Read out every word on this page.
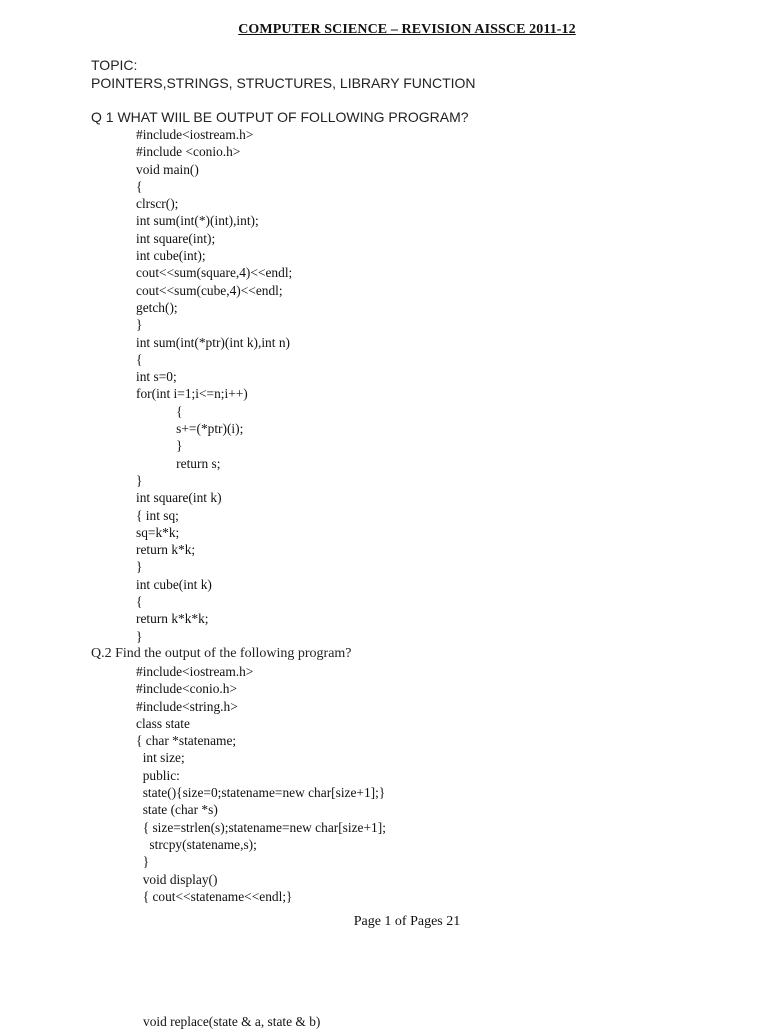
COMPUTER SCIENCE – REVISION AISSCE 2011-12
TOPIC:
POINTERS,STRINGS, STRUCTURES, LIBRARY FUNCTION
Q 1 WHAT WIIL BE OUTPUT OF FOLLOWING PROGRAM?
#include<iostream.h>
#include <conio.h>
void main()
{
clrscr();
int sum(int(*)(int),int);
int square(int);
int cube(int);
cout<<sum(square,4)<<endl;
cout<<sum(cube,4)<<endl;
getch();
}
int sum(int(*ptr)(int k),int n)
{
int s=0;
for(int i=1;i<=n;i++)
{
s+=(*ptr)(i);
}
return s;
}
int square(int k)
{ int sq;
sq=k*k;
return k*k;
}
int cube(int k)
{
return k*k*k;
}
Q.2 Find the output of the following program?
#include<iostream.h>
#include<conio.h>
#include<string.h>
class state
{ char *statename;
int size;
public:
state(){size=0;statename=new char[size+1];}
state (char *s)
{ size=strlen(s);statename=new char[size+1];
strcpy(statename,s);
}
void display()
{ cout<<statename<<endl;}
Page 1 of Pages 21
void replace(state & a, state & b)
